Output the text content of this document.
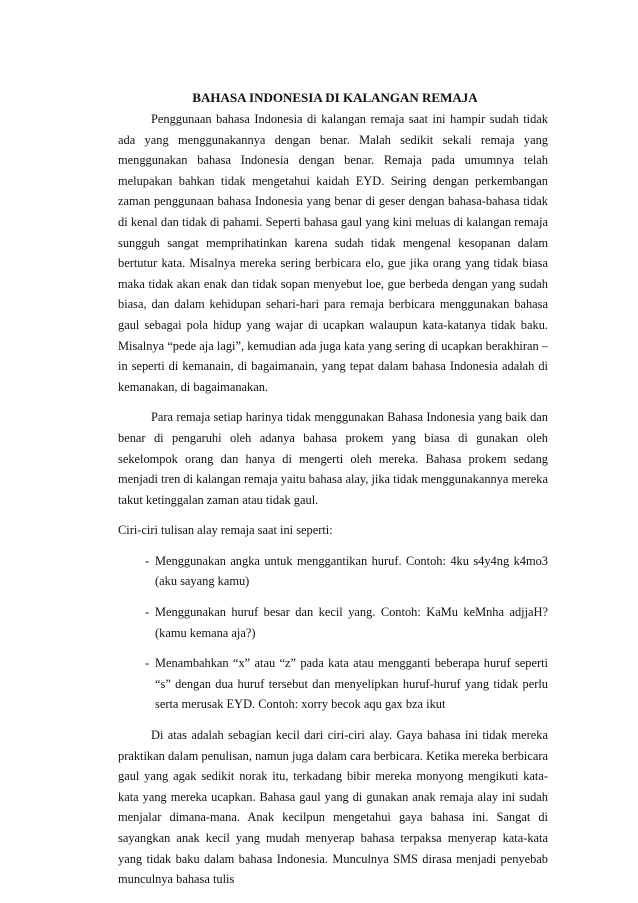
BAHASA INDONESIA DI KALANGAN REMAJA

Penggunaan bahasa Indonesia di kalangan remaja saat ini hampir sudah tidak ada yang menggunakannya dengan benar. Malah sedikit sekali remaja yang menggunakan bahasa Indonesia dengan benar. Remaja pada umumnya telah melupakan bahkan tidak mengetahui kaidah EYD. Seiring dengan perkembangan zaman penggunaan bahasa Indonesia yang benar di geser dengan bahasa-bahasa tidak di kenal dan tidak di pahami. Seperti bahasa gaul yang kini meluas di kalangan remaja sungguh sangat memprihatinkan karena sudah tidak mengenal kesopanan dalam bertutur kata. Misalnya mereka sering berbicara elo, gue jika orang yang tidak biasa maka tidak akan enak dan tidak sopan menyebut loe, gue berbeda dengan yang sudah biasa, dan dalam kehidupan sehari-hari para remaja berbicara menggunakan bahasa gaul sebagai pola hidup yang wajar di ucapkan walaupun kata-katanya tidak baku. Misalnya “pede aja lagi”, kemudian ada juga kata yang sering di ucapkan berakhiran –in seperti di kemanain, di bagaimanain, yang tepat dalam bahasa Indonesia adalah di kemanakan, di bagaimanakan.

Para remaja setiap harinya tidak menggunakan Bahasa Indonesia yang baik dan benar di pengaruhi oleh adanya bahasa prokem yang biasa di gunakan oleh sekelompok orang dan hanya di mengerti oleh mereka. Bahasa prokem sedang menjadi tren di kalangan remaja yaitu bahasa alay, jika tidak menggunakannya mereka takut ketinggalan zaman atau tidak gaul.

Ciri-ciri tulisan alay remaja saat ini seperti:

- Menggunakan angka untuk menggantikan huruf. Contoh: 4ku s4y4ng k4mo3 (aku sayang kamu)
- Menggunakan huruf besar dan kecil yang. Contoh: KaMu keMnha adjjaH? (kamu kemana aja?)
- Menambahkan “x” atau “z” pada kata atau mengganti beberapa huruf seperti “s” dengan dua huruf tersebut dan menyelipkan huruf-huruf yang tidak perlu serta merusak EYD. Contoh: xorry becok aqu gax bza ikut

Di atas adalah sebagian kecil dari ciri-ciri alay. Gaya bahasa ini tidak mereka praktikan dalam penulisan, namun juga dalam cara berbicara. Ketika mereka berbicara gaul yang agak sedikit norak itu, terkadang bibir mereka monyong mengikuti kata-kata yang mereka ucapkan. Bahasa gaul yang di gunakan anak remaja alay ini sudah menjalar dimana-mana. Anak kecilpun mengetahui gaya bahasa ini. Sangat di sayangkan anak kecil yang mudah menyerap bahasa terpaksa menyerap kata-kata yang tidak baku dalam bahasa Indonesia. Munculnya SMS dirasa menjadi penyebab munculnya bahasa tulis
